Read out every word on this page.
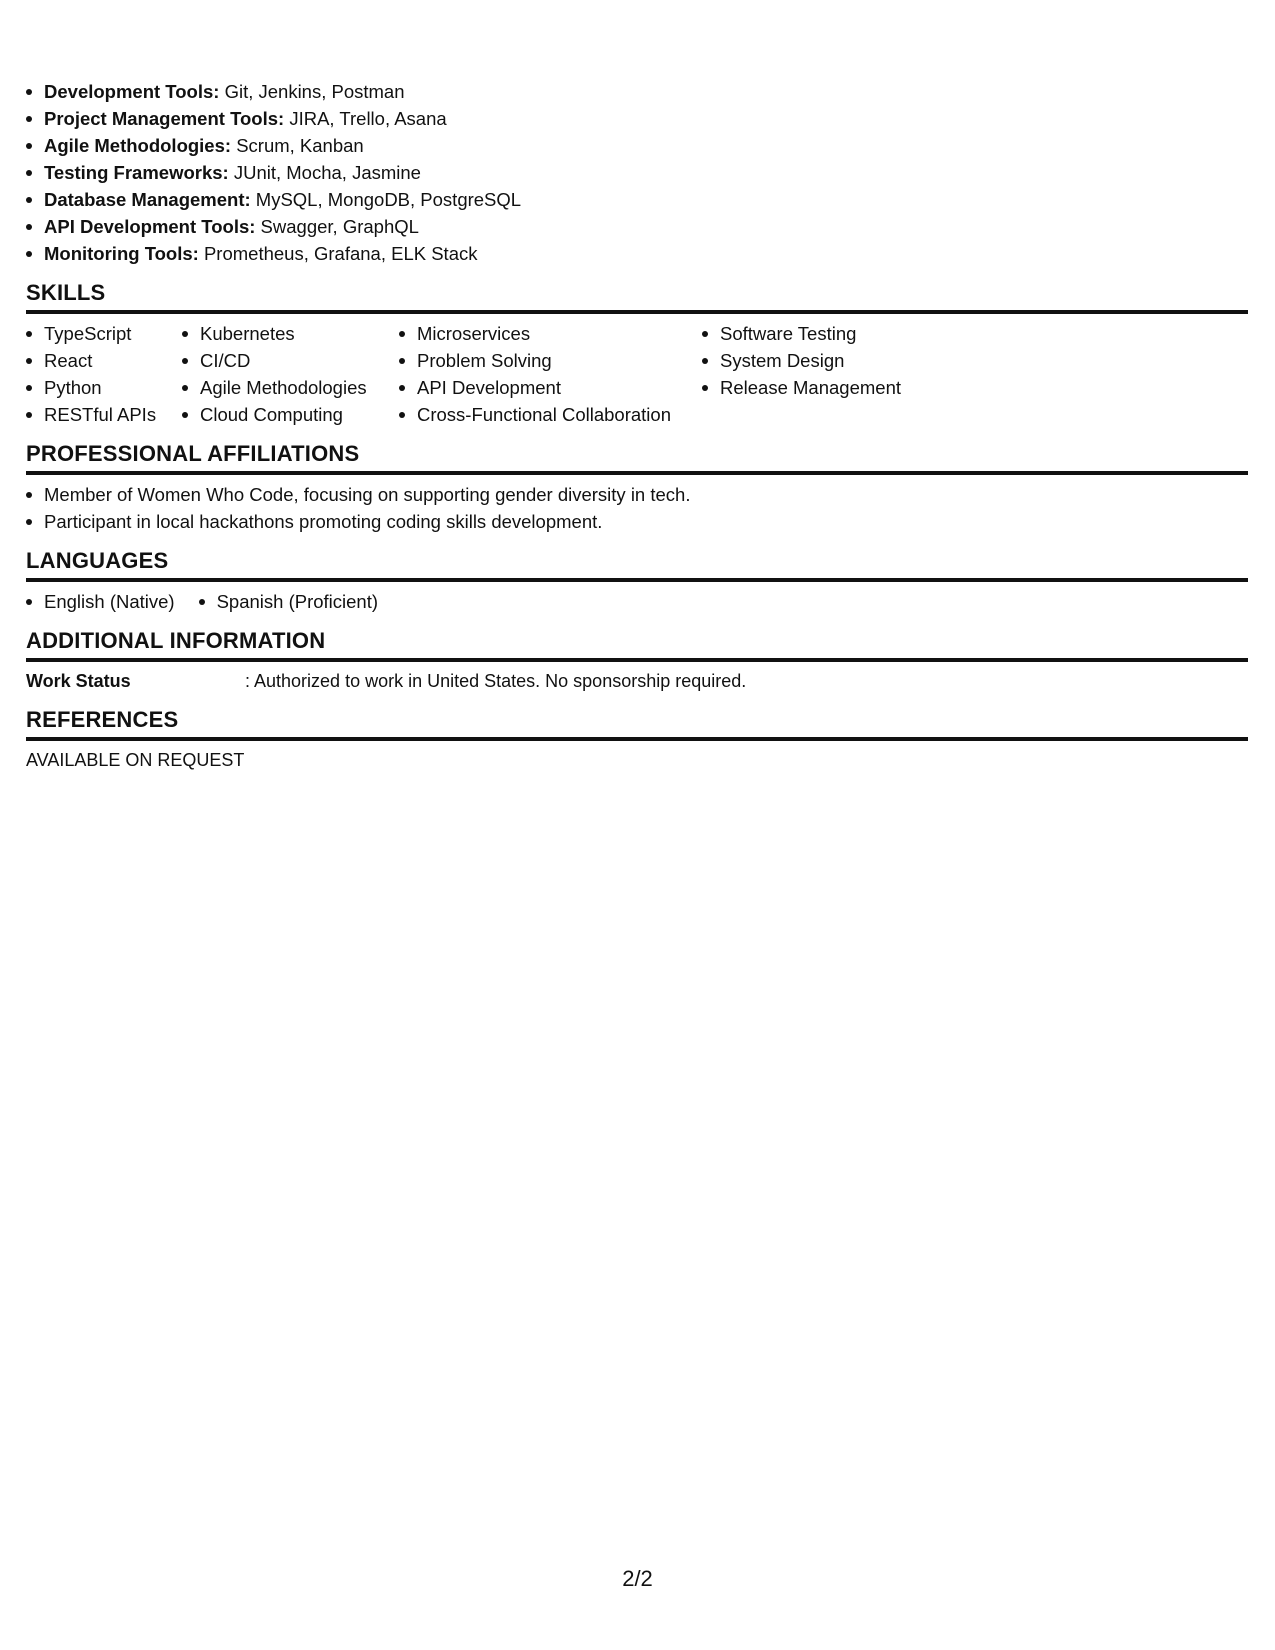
Development Tools: Git, Jenkins, Postman
Project Management Tools: JIRA, Trello, Asana
Agile Methodologies: Scrum, Kanban
Testing Frameworks: JUnit, Mocha, Jasmine
Database Management: MySQL, MongoDB, PostgreSQL
API Development Tools: Swagger, GraphQL
Monitoring Tools: Prometheus, Grafana, ELK Stack
SKILLS
TypeScript
React
Python
RESTful APIs
Kubernetes
CI/CD
Agile Methodologies
Cloud Computing
Microservices
Problem Solving
API Development
Cross-Functional Collaboration
Software Testing
System Design
Release Management
PROFESSIONAL AFFILIATIONS
Member of Women Who Code, focusing on supporting gender diversity in tech.
Participant in local hackathons promoting coding skills development.
LANGUAGES
English (Native)	Spanish (Proficient)
ADDITIONAL INFORMATION
Work Status	: Authorized to work in United States. No sponsorship required.
REFERENCES
AVAILABLE ON REQUEST
2/2
